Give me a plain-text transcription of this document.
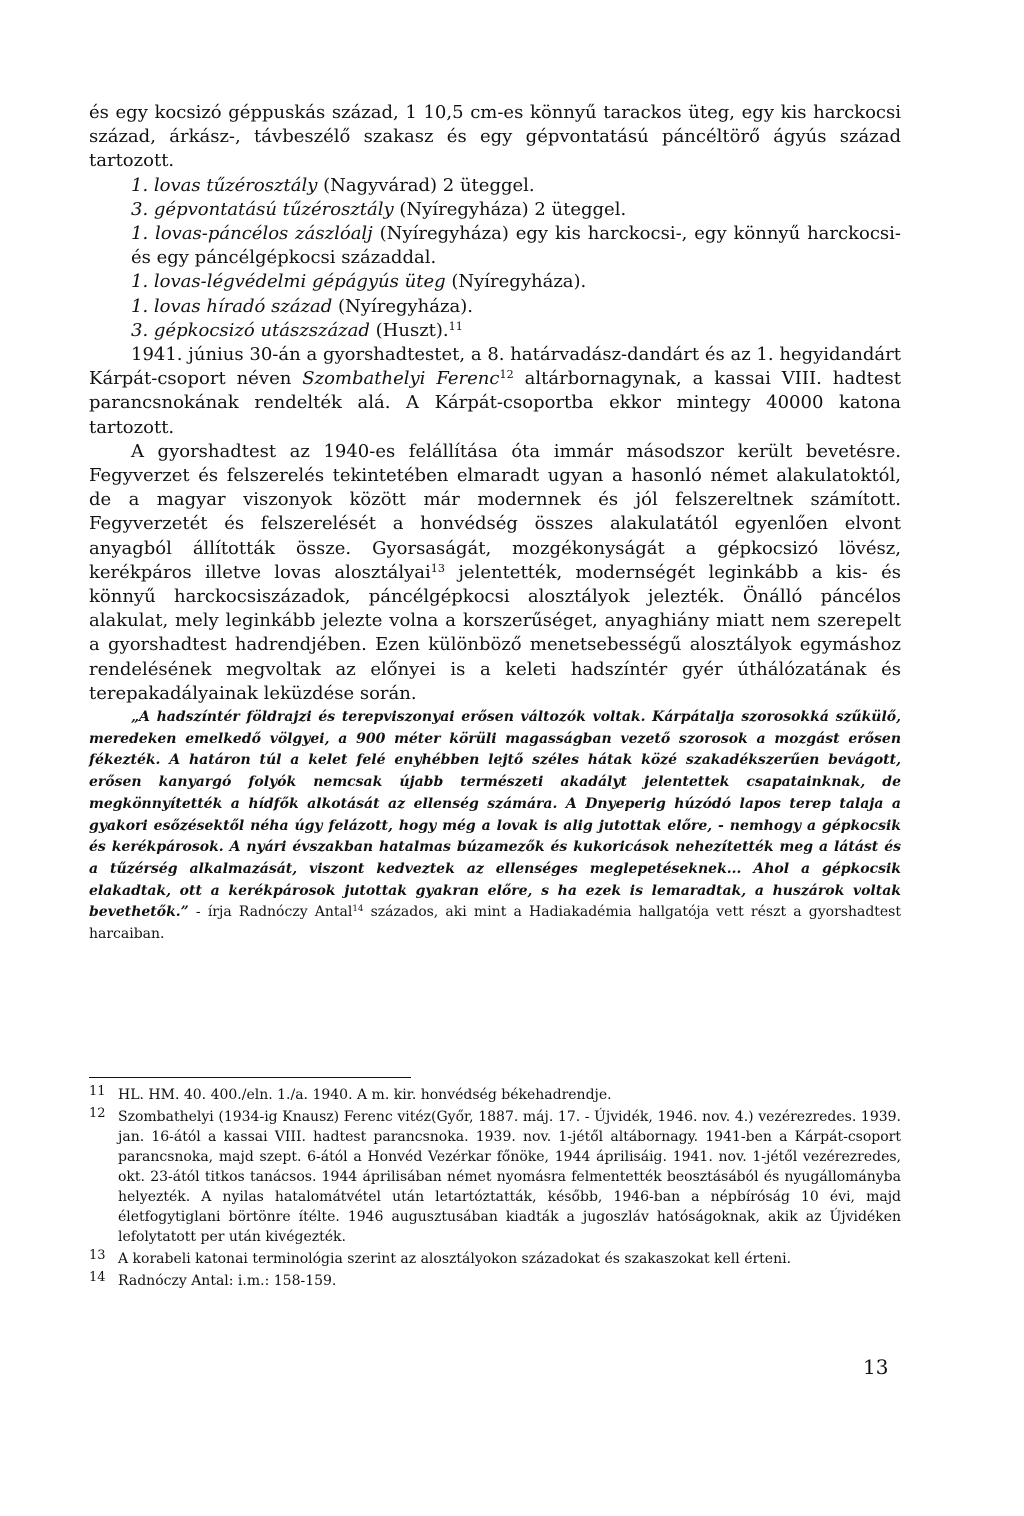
és egy kocsizó géppuskás század, 1 10,5 cm-es könnyű tarackos üteg, egy kis harckocsi század, árkász-, távbeszélő szakasz és egy gépvontatású páncéltörő ágyús század tartozott.

1. lovas tűzérosztály (Nagyvárad) 2 üteggel.

3. gépvontatású tűzérosztály (Nyíregyháza) 2 üteggel.

1. lovas-páncélos zászlóalj (Nyíregyháza) egy kis harckocsi-, egy könnyű harckocsi- és egy páncélgépkocsi századdal.

1. lovas-légvédelmi gépágyús üteg (Nyíregyháza).

1. lovas híradó század (Nyíregyháza).

3. gépkocsizó utászszázad (Huszt).$^{11}$

1941. június 30-án a gyorshadtestet, a 8. határvadász-dandárt és az 1. hegyidandárt Kárpát-csoport néven Szombathelyi Ferenc$^{12}$ altárbornagynak, a kassai VIII. hadtest parancsnokának rendelték alá. A Kárpát-csoportba ekkor mintegy 40000 katona tartozott.

A gyorshadtest az 1940-es felállítása óta immár másodszor került bevetésre. Fegyverzet és felszerelés tekintetében elmaradt ugyan a hasonló német alakulatoktól, de a magyar viszonyok között már modernnek és jól felszereltnek számított. Fegyverzetét és felszerelését a honvédség összes alakulatától egyenlően elvont anyagból állították össze. Gyorsaságát, mozgékonyságát a gépkocsizó lövész, kerékpáros illetve lovas alosztályai$^{13}$ jelentették, modernségét leginkább a kis- és könnyű harckocsiszázadok, páncélgépkocsi alosztályok jelezték. Önálló páncélos alakulat, mely leginkább jelezte volna a korszerűséget, anyaghiány miatt nem szerepelt a gyorshadtest hadrendjében. Ezen különböző menetsebességű alosztályok egymáshoz rendelésének megvoltak az előnyei is a keleti hadszíntér gyér úthálózatának és terepakadályainak leküzdése során.

„A hadszíntér földrajzi és terepviszonyai erősen változók voltak. Kárpátalja szorosokká szűkülő, meredeken emelkedő völgyei, a 900 méter körüli magasságban vezető szorosok a mozgást erősen fékezték. A határon túl a kelet felé enyhébben lejtő széles hátak közé szakadékszerűen bevágott, erősen kanyargó folyók nemcsak újabb természeti akadályt jelentettek csapatainknak, de megkönnyítették a hídfők alkotását az ellenség számára. A Dnyeperig húzódó lapos terep talaja a gyakori esőzésektől néha úgy felázott, hogy még a lovak is alig jutottak előre, - nemhogy a gépkocsik és kerékpárosok. A nyári évszakban hatalmas búzamezők és kukoricások nehezítették meg a látást és a tűzérség alkalmazását, viszont kedveztek az ellenséges meglepetéseknek... Ahol a gépkocsik elakadtak, ott a kerékpárosok jutottak gyakran előre, s ha ezek is lemaradtak, a huszárok voltak bevethetők.” - írja Radnóczy Antal$^{14}$ százados, aki mint a Hadiakadémia hallgatója vett részt a gyorshadtest harcaiban.

11 HL. HM. 40. 400./eln. 1./a. 1940. A m. kir. honvédség békehadrendje.
12 Szombathelyi (1934-ig Knausz) Ferenc vitéz(Győr, 1887. máj. 17. - Újvidék, 1946. nov. 4.) vezérezredes. 1939. jan. 16-ától a kassai VIII. hadtest parancsnoka. 1939. nov. 1-jétől altábornagy. 1941-ben a Kárpát-csoport parancsnoka, majd szept. 6-ától a Honvéd Vezérkar főnöke, 1944 áprilisáig. 1941. nov. 1-jétől vezérezredes, okt. 23-ától titkos tanácsos. 1944 áprilisában német nyomásra felmentették beosztásából és nyugállományba helyezték. A nyilas hatalomátvétel után letartóztatták, később, 1946-ban a népbíróság 10 évi, majd életfogytiglani börtönre ítélte. 1946 augusztusában kiadták a jugoszláv hatóságoknak, akik az Újvidéken lefolytatott per után kivégezték.
13 A korabeli katonai terminológia szerint az alosztályokon századokat és szakaszokat kell érteni.
14 Radnóczy Antal: i.m.: 158-159.
13
